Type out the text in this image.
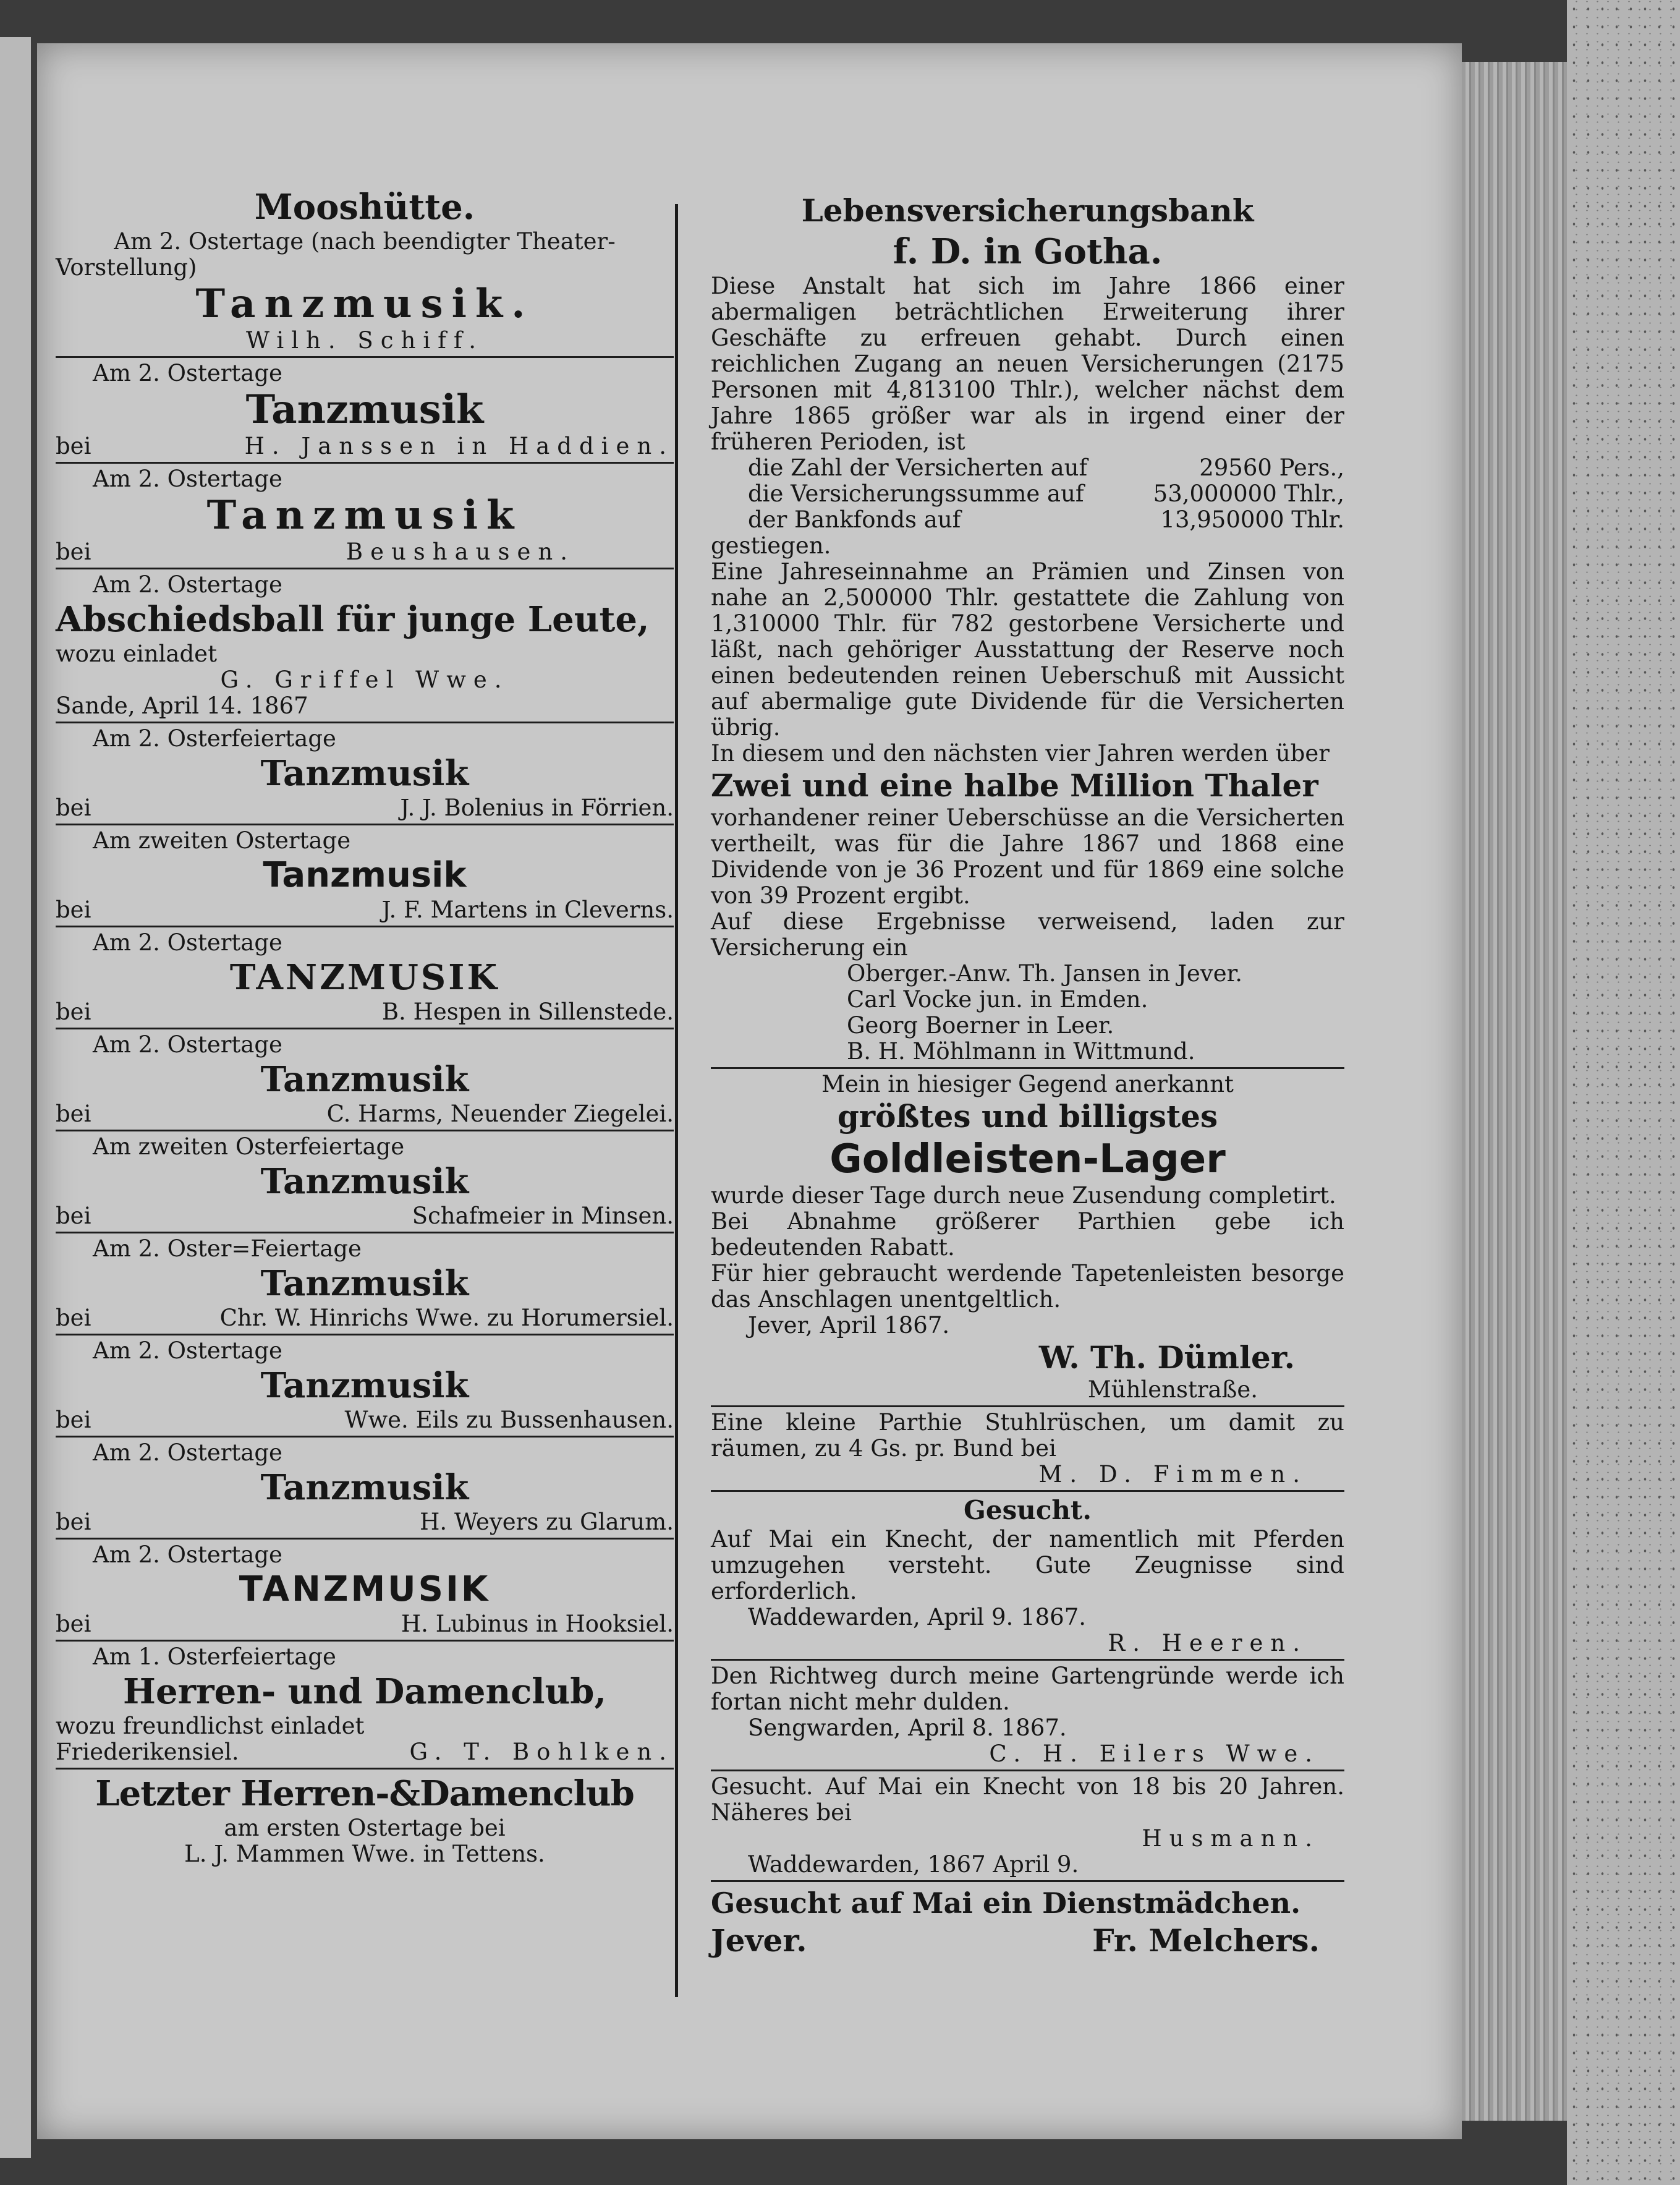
Mooshütte.
Am 2. Ostertage (nach beendigter Theater-
Vorstellung)
Tanzmusik.
Wilh. Schiff.
Am 2. Ostertage
Tanzmusik
bei	H. Janssen in Haddien.
Am 2. Ostertage
Tanzmusik
bei	Beushausen.
Am 2. Ostertage
Abschiedsball für junge Leute,
wozu einladet
G. Griffel Wwe.
Sande, April 14. 1867
Am 2. Osterfeiertage
Tanzmusik
bei	J. J. Bolenius in Förrien.
Am zweiten Ostertage
Tanzmusik
bei	J. F. Martens in Cleverns.
Am 2. Ostertage
TANZMUSIK
bei	B. Hespen in Sillenstede.
Am 2. Ostertage
Tanzmusik
bei	C. Harms, Neuender Ziegelei.
Am zweiten Osterfeiertage
Tanzmusik
bei	Schafmeier in Minsen.
Am 2. Oster=Feiertage
Tanzmusik
bei	Chr. W. Hinrichs Wwe. zu Horumersiel.
Am 2. Ostertage
Tanzmusik
bei	Wwe. Eils zu Bussenhausen.
Am 2. Ostertage
Tanzmusik
bei	H. Weyers zu Glarum.
Am 2. Ostertage
TANZMUSIK
bei	H. Lubinus in Hooksiel.
Am 1. Osterfeiertage
Herren- und Damenclub,
wozu freundlichst einladet
Friederikensiel.	G. T. Bohlken.
Letzter Herren-&Damenclub
am ersten Ostertage bei
L. J. Mammen Wwe. in Tettens.
Lebensversicherungsbank
f. D. in Gotha.
Diese Anstalt hat sich im Jahre 1866 einer abermaligen beträchtlichen Erweiterung ihrer Geschäfte zu erfreuen gehabt. Durch einen reichlichen Zugang an neuen Versicherungen (2175 Personen mit 4,813100 Thlr.), welcher nächst dem Jahre 1865 größer war als in irgend einer der früheren Perioden, ist
die Zahl der Versicherten auf	29560 Pers.,
die Versicherungssumme auf	53,000000 Thlr.,
der Bankfonds auf	13,950000 Thlr.
gestiegen.
Eine Jahreseinnahme an Prämien und Zinsen von nahe an 2,500000 Thlr. gestattete die Zahlung von 1,310000 Thlr. für 782 gestorbene Versicherte und läßt, nach gehöriger Ausstattung der Reserve noch einen bedeutenden reinen Ueberschuß mit Aussicht auf abermalige gute Dividende für die Versicherten übrig.
In diesem und den nächsten vier Jahren werden über
Zwei und eine halbe Million Thaler
vorhandener reiner Ueberschüsse an die Versicherten vertheilt, was für die Jahre 1867 und 1868 eine Dividende von je 36 Prozent und für 1869 eine solche von 39 Prozent ergibt.
Auf diese Ergebnisse verweisend, laden zur Versicherung ein
Oberger.-Anw. Th. Jansen in Jever.
Carl Vocke jun. in Emden.
Georg Boerner in Leer.
B. H. Möhlmann in Wittmund.
Mein in hiesiger Gegend anerkannt
größtes und billigstes
Goldleisten-Lager
wurde dieser Tage durch neue Zusendung completirt.
Bei Abnahme größerer Parthien gebe ich bedeutenden Rabatt.
Für hier gebraucht werdende Tapetenleisten besorge das Anschlagen unentgeltlich.
Jever, April 1867.
W. Th. Dümler.
Mühlenstraße.
Eine kleine Parthie Stuhlrüschen, um damit zu räumen, zu 4 Gs. pr. Bund bei
M. D. Fimmen.
Gesucht.
Auf Mai ein Knecht, der namentlich mit Pferden umzugehen versteht. Gute Zeugnisse sind erforderlich.
Waddewarden, April 9. 1867.
R. Heeren.
Den Richtweg durch meine Gartengründe werde ich fortan nicht mehr dulden.
Sengwarden, April 8. 1867.
C. H. Eilers Wwe.
Gesucht. Auf Mai ein Knecht von 18 bis 20 Jahren. Näheres bei
Husmann.
Waddewarden, 1867 April 9.
Gesucht auf Mai ein Dienstmädchen.
Jever.	Fr. Melchers.
